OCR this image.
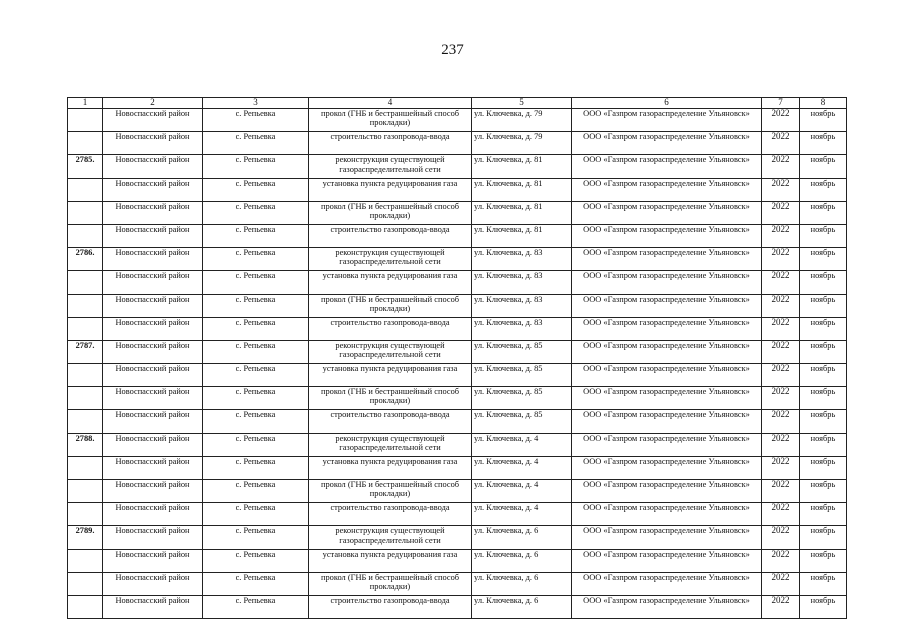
237
1	2	3	4	5	6	7	8
	Новоспасский район	с. Репьевка	прокол (ГНБ и бестраншейный способ прокладки)	ул. Ключевка, д. 79	ООО «Газпром газораспределение Ульяновск»	2022	ноябрь
	Новоспасский район	с. Репьевка	строительство газопровода-ввода	ул. Ключевка, д. 79	ООО «Газпром газораспределение Ульяновск»	2022	ноябрь
2785.	Новоспасский район	с. Репьевка	реконструкция существующей газораспределительной сети	ул. Ключевка, д. 81	ООО «Газпром газораспределение Ульяновск»	2022	ноябрь
	Новоспасский район	с. Репьевка	установка пункта редуцирования газа	ул. Ключевка, д. 81	ООО «Газпром газораспределение Ульяновск»	2022	ноябрь
	Новоспасский район	с. Репьевка	прокол (ГНБ и бестраншейный способ прокладки)	ул. Ключевка, д. 81	ООО «Газпром газораспределение Ульяновск»	2022	ноябрь
	Новоспасский район	с. Репьевка	строительство газопровода-ввода	ул. Ключевка, д. 81	ООО «Газпром газораспределение Ульяновск»	2022	ноябрь
2786.	Новоспасский район	с. Репьевка	реконструкция существующей газораспределительной сети	ул. Ключевка, д. 83	ООО «Газпром газораспределение Ульяновск»	2022	ноябрь
	Новоспасский район	с. Репьевка	установка пункта редуцирования газа	ул. Ключевка, д. 83	ООО «Газпром газораспределение Ульяновск»	2022	ноябрь
	Новоспасский район	с. Репьевка	прокол (ГНБ и бестраншейный способ прокладки)	ул. Ключевка, д. 83	ООО «Газпром газораспределение Ульяновск»	2022	ноябрь
	Новоспасский район	с. Репьевка	строительство газопровода-ввода	ул. Ключевка, д. 83	ООО «Газпром газораспределение Ульяновск»	2022	ноябрь
2787.	Новоспасский район	с. Репьевка	реконструкция существующей газораспределительной сети	ул. Ключевка, д. 85	ООО «Газпром газораспределение Ульяновск»	2022	ноябрь
	Новоспасский район	с. Репьевка	установка пункта редуцирования газа	ул. Ключевка, д. 85	ООО «Газпром газораспределение Ульяновск»	2022	ноябрь
	Новоспасский район	с. Репьевка	прокол (ГНБ и бестраншейный способ прокладки)	ул. Ключевка, д. 85	ООО «Газпром газораспределение Ульяновск»	2022	ноябрь
	Новоспасский район	с. Репьевка	строительство газопровода-ввода	ул. Ключевка, д. 85	ООО «Газпром газораспределение Ульяновск»	2022	ноябрь
2788.	Новоспасский район	с. Репьевка	реконструкция существующей газораспределительной сети	ул. Ключевка, д. 4	ООО «Газпром газораспределение Ульяновск»	2022	ноябрь
	Новоспасский район	с. Репьевка	установка пункта редуцирования газа	ул. Ключевка, д. 4	ООО «Газпром газораспределение Ульяновск»	2022	ноябрь
	Новоспасский район	с. Репьевка	прокол (ГНБ и бестраншейный способ прокладки)	ул. Ключевка, д. 4	ООО «Газпром газораспределение Ульяновск»	2022	ноябрь
	Новоспасский район	с. Репьевка	строительство газопровода-ввода	ул. Ключевка, д. 4	ООО «Газпром газораспределение Ульяновск»	2022	ноябрь
2789.	Новоспасский район	с. Репьевка	реконструкция существующей газораспределительной сети	ул. Ключевка, д. 6	ООО «Газпром газораспределение Ульяновск»	2022	ноябрь
	Новоспасский район	с. Репьевка	установка пункта редуцирования газа	ул. Ключевка, д. 6	ООО «Газпром газораспределение Ульяновск»	2022	ноябрь
	Новоспасский район	с. Репьевка	прокол (ГНБ и бестраншейный способ прокладки)	ул. Ключевка, д. 6	ООО «Газпром газораспределение Ульяновск»	2022	ноябрь
	Новоспасский район	с. Репьевка	строительство газопровода-ввода	ул. Ключевка, д. 6	ООО «Газпром газораспределение Ульяновск»	2022	ноябрь
